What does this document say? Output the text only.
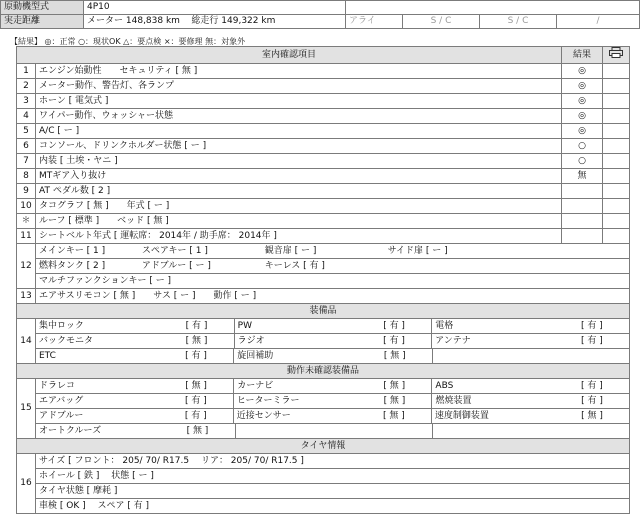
原動機型式	4P10				
実走距離	メーター 148,838 km 総走行 149,322 km	アライ	S / C	S / C	/
【結果】 ◎：正常 ○：現状OK △：要点検 ×：要修理 無：対象外
室内確認項目	結果	
1	エンジン始動性　　セキュリティ [ 無 ]	◎	
2	メーター動作、警告灯、各ランプ	◎	
3	ホーン [ 電気式 ]	◎	
4	ワイパー動作、ウォッシャー状態	◎	
5	A/C [ ー ]	◎	
6	コンソール、ドリンクホルダー状態 [ ー ]	○	
7	内装 [ 土埃・ヤニ ]	○	
8	MTギア入り抜け	無	
9	AT ペダル数 [ 2 ]		
10	タコグラフ [ 無 ]　　年式 [ ー ]		
＊	ルーフ [ 標準 ]　　ベッド [ 無 ]		
11	シートベルト年式 [ 運転席： 2014年 / 助手席： 2014年 ]		
12	メインキー [ 1 ]	スペアキー [ 1 ]	観音扉 [ ー ]	サイド扉 [ ー ]
燃料タンク [ 2 ]	アドブルー [ ー ]	キーレス [ 有 ]
マルチファンクションキー [ ー ]
13	エアサスリモコン [ 無 ]　　サス [ ー ]　　動作 [ ー ]
装備品
14	
集中ロック	[ 有 ]	PW	[ 有 ]	電格	[ 有 ]

バックモニタ	[ 無 ]	ラジオ	[ 有 ]	アンテナ	[ 有 ]

ETC	[ 有 ]	旋回補助	[ 無 ]		

動作未確認装備品
15	
ドラレコ	[ 無 ]	カーナビ	[ 無 ]	ABS	[ 有 ]

エアバッグ	[ 有 ]	ヒーターミラー	[ 無 ]	燃焼装置	[ 有 ]

アドブルー	[ 有 ]	近接センサー	[ 無 ]	速度制御装置	[ 無 ]

オートクルーズ	[ 無 ]				

タイヤ情報
16	サイズ [ フロント： 205/ 70/ R17.5　 リア： 205/ 70/ R17.5 ]
ホイール [ 鉄 ]　 状態 [ ー ]
タイヤ状態 [ 摩耗 ]
車検 [ OK ]　 スペア [ 有 ]
